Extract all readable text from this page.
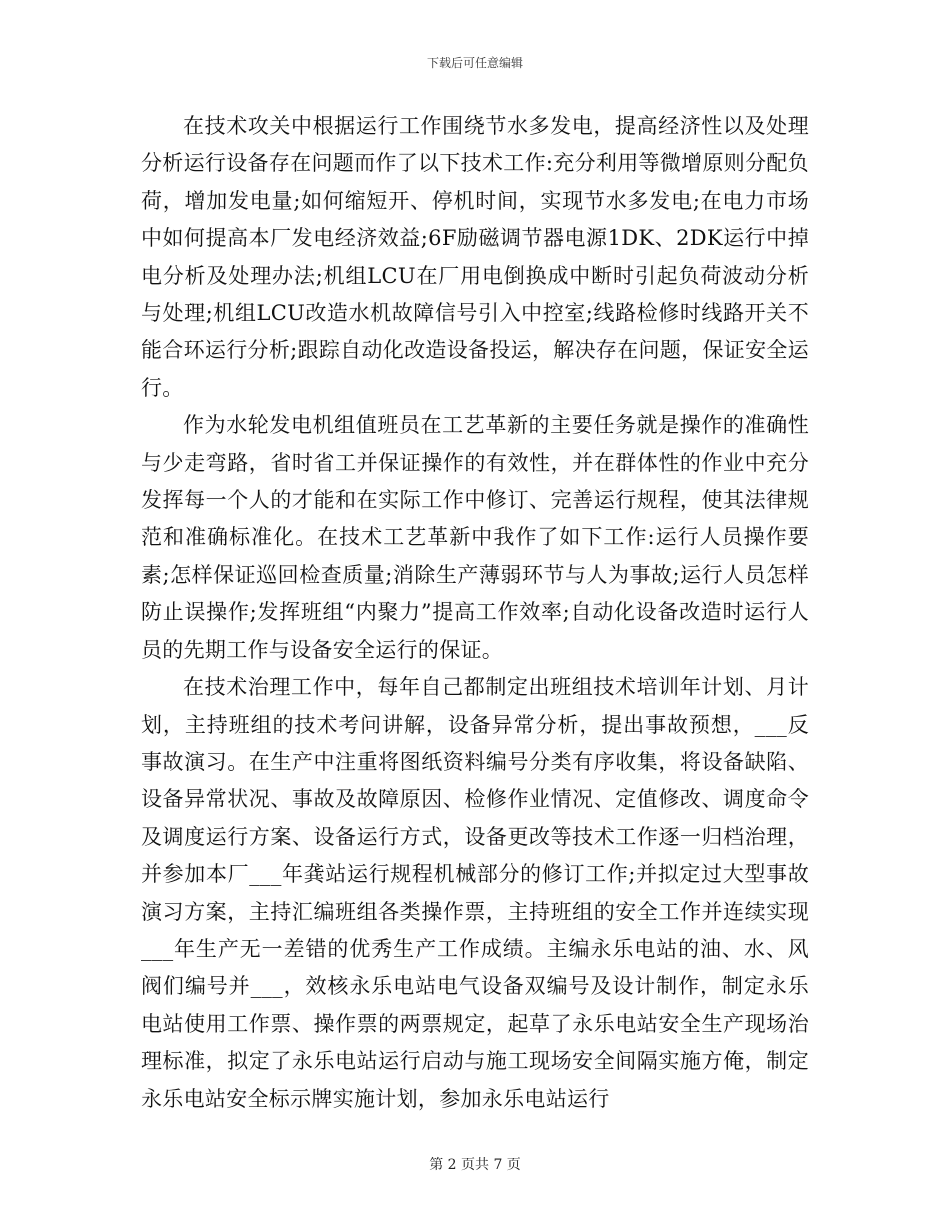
下载后可任意编辑

在技术攻关中根据运行工作围绕节水多发电，提高经济性以及处理分析运行设备存在问题而作了以下技术工作:充分利用等微增原则分配负荷，增加发电量;如何缩短开、停机时间，实现节水多发电;在电力市场中如何提高本厂发电经济效益;6F励磁调节器电源1DK、2DK运行中掉电分析及处理办法;机组LCU在厂用电倒换成中断时引起负荷波动分析与处理;机组LCU改造水机故障信号引入中控室;线路检修时线路开关不能合环运行分析;跟踪自动化改造设备投运，解决存在问题，保证安全运行。

作为水轮发电机组值班员在工艺革新的主要任务就是操作的准确性与少走弯路，省时省工并保证操作的有效性，并在群体性的作业中充分发挥每一个人的才能和在实际工作中修订、完善运行规程，使其法律规范和准确标准化。在技术工艺革新中我作了如下工作:运行人员操作要素;怎样保证巡回检查质量;消除生产薄弱环节与人为事故;运行人员怎样防止误操作;发挥班组“内聚力”提高工作效率;自动化设备改造时运行人员的先期工作与设备安全运行的保证。

在技术治理工作中，每年自己都制定出班组技术培训年计划、月计划，主持班组的技术考问讲解，设备异常分析，提出事故预想，___反事故演习。在生产中注重将图纸资料编号分类有序收集，将设备缺陷、设备异常状况、事故及故障原因、检修作业情况、定值修改、调度命令及调度运行方案、设备运行方式，设备更改等技术工作逐一归档治理，并参加本厂___年龚站运行规程机械部分的修订工作;并拟定过大型事故演习方案，主持汇编班组各类操作票，主持班组的安全工作并连续实现___年生产无一差错的优秀生产工作成绩。主编永乐电站的油、水、风阀们编号并___，效核永乐电站电气设备双编号及设计制作，制定永乐电站使用工作票、操作票的两票规定，起草了永乐电站安全生产现场治理标准，拟定了永乐电站运行启动与施工现场安全间隔实施方俺，制定永乐电站安全标示牌实施计划，参加永乐电站运行

第 2 页共 7 页
